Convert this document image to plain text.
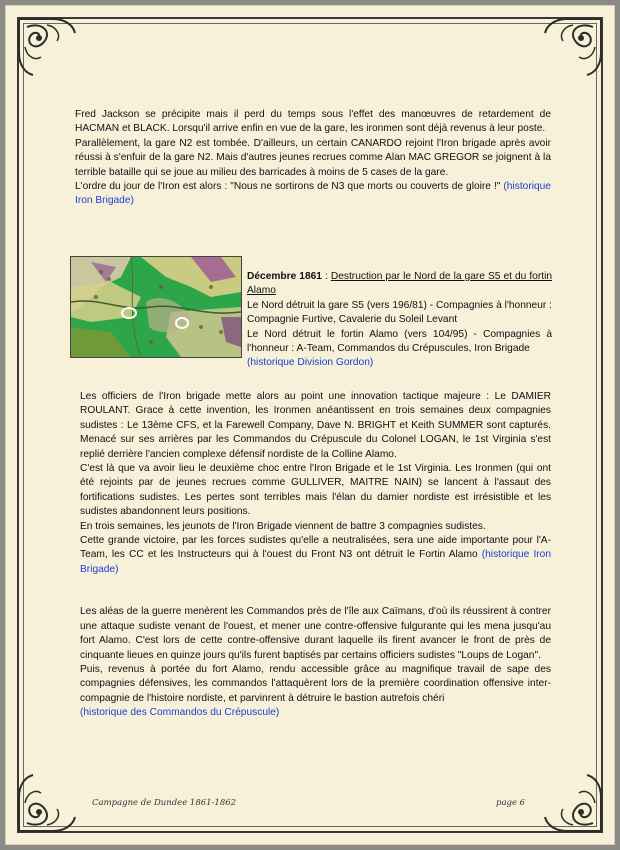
Fred Jackson se précipite mais il perd du temps sous l'effet des manœuvres de retardement de HACMAN et BLACK. Lorsqu'il arrive enfin en vue de la gare, les ironmen sont déjà revenus à leur poste.

Parallèlement, la gare N2 est tombée. D'ailleurs, un certain CANARDO rejoint l'Iron brigade après avoir réussi à s'enfuir de la gare N2. Mais d'autres jeunes recrues comme Alan MAC GREGOR se joignent à la terrible bataille qui se joue au milieu des barricades à moins de 5 cases de la gare.

L'ordre du jour de l'Iron est alors : "Nous ne sortirons de N3 que morts ou couverts de gloire !" (historique Iron Brigade)

Décembre 1861 : Destruction par le Nord de la gare S5 et du fortin Alamo

Le Nord détruit la gare S5 (vers 196/81) - Compagnies à l'honneur : Compagnie Furtive, Cavalerie du Soleil Levant

Le Nord détruit le fortin Alamo (vers 104/95) - Compagnies à l'honneur : A-Team, Commandos du Crépuscules, Iron Brigade

(historique Division Gordon)

Les officiers de l'Iron brigade mette alors au point une innovation tactique majeure : Le DAMIER ROULANT. Grace à cette invention, les Ironmen anéantissent en trois semaines deux compagnies sudistes : Le 13ème CFS, et la Farewell Company, Dave N. BRIGHT et Keith SUMMER sont capturés. Menacé sur ses arrières par les Commandos du Crépuscule du Colonel LOGAN, le 1st Virginia s'est replié derrière l'ancien complexe défensif nordiste de la Colline Alamo.

C'est là que va avoir lieu le deuxième choc entre l'Iron Brigade et le 1st Virginia. Les Ironmen (qui ont été rejoints par de jeunes recrues comme GULLIVER, MAITRE NAIN) se lancent à l'assaut des fortifications sudistes. Les pertes sont terribles mais l'élan du damier nordiste est irrésistible et les sudistes abandonnent leurs positions.

En trois semaines, les jeunots de l'Iron Brigade viennent de battre 3 compagnies sudistes.

Cette grande victoire, par les forces sudistes qu'elle a neutralisées, sera une aide importante pour l'A-Team, les CC et les Instructeurs qui à l'ouest du Front N3 ont détruit le Fortin Alamo (historique Iron Brigade)

Les aléas de la guerre menèrent les Commandos près de l'île aux Caïmans, d'où ils réussirent à contrer une attaque sudiste venant de l'ouest, et mener une contre-offensive fulgurante qui les mena jusqu'au fort Alamo. C'est lors de cette contre-offensive durant laquelle ils firent avancer le front de près de cinquante lieues en quinze jours qu'ils furent baptisés par certains officiers sudistes "Loups de Logan".

Puis, revenus à portée du fort Alamo, rendu accessible grâce au magnifique travail de sape des compagnies défensives, les commandos l'attaquèrent lors de la première coordination offensive inter-compagnie de l'histoire nordiste, et parvinrent à détruire le bastion autrefois chéri

(historique des Commandos du Crépuscule)

Campagne de Dundee 1861-1862	page 6
